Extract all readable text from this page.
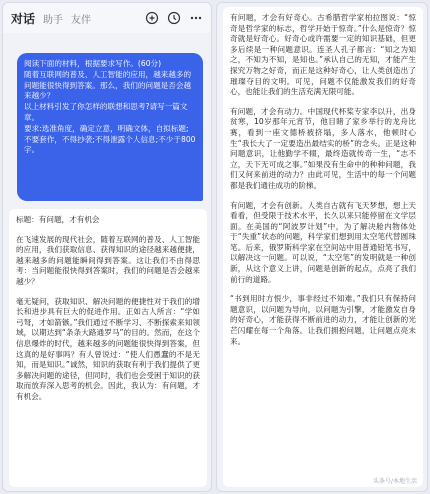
对话 助手 友伴

阅读下面的材料，根据要求写作。(60分)
随着互联网的普及、人工智能的应用，越来越多的问题能很快得到答案。那么，我们的问题是否会越来越少？
以上材料引发了你怎样的联想和思考?请写一篇文章。
要求:选准角度，确定立意，明确文体，自拟标题;不要套作，不得抄袭;不得泄露个人信息;不少于800字。

标题：有问题，才有机会

在飞速发展的现代社会，随着互联网的普及、人工智能的应用，我们获取信息、获得知识的途径越来越便捷，越来越多的问题能瞬间得到答案。这让我们不由得思考：当问题能很快得到答案时，我们的问题是否会越来越少？

毫无疑问，获取知识、解决问题的便捷性对于我们的增长和进步具有巨大的促进作用。正如古人所言：“学如弓弩，才如箭镞。”我们通过不断学习、不断探索来知领域，以期达到“条条大路通罗马”的目的。然而，在这个信息爆炸的时代，越来越多的问题能很快得到答案，但这真的是好事吗？有人曾说过：“使人们愚蠢的不是无知，而是知识。”诚然，知识的获取有利于我们提供了更多解决问题的途径，但同时，我们也会受困于知识的获取而放弃深入思考的机会。因此，我认为：有问题，才有机会。

有问题，才会有好奇心。古希腊哲学家柏拉图说：“惊奇是哲学家的标志，哲学开始于惊奇。”什么是惊奇？惊奇就是好奇心。好奇心或许需要一定的知识基础，但更多后续是一种问题意识。连圣人孔子都言：“知之为知之，不知为不知，是知也。”承认自己的无知，才能产生探究万物之好奇，而正是这种好奇心，让人类创造出了璀璨夺目的文明。可见，问题不仅能激发我们的好奇心，也能让我们的生活充满无限可能。

有问题，才会有动力。中国现代杯桨专家李以升，出身贫寒，10岁那年元宵节，他目睹了家乡举行的龙舟比赛，看到一座文德桥被挤塌，多人落水，他顿时心生“我长大了一定要造出最结实的桥”的念头。正是这种问题意识，让他勤学不辍，最终造就传奇一生，“志不立，天下无可成之事。”如果没有生命中的种种问题，我们又何来前进的动力？由此可见，生活中的每一个问题都是我们通往成功的阶梯。

有问题，才会有创新。人类自古就有飞天梦想，想上天看看，但受限于技术水平，长久以来只能停留在文学层面。在美国的“阿波罗计划”中，为了解决舱内物体处于“失重”状态的问题，科学家们想到用太空笔代替圆珠笔。后来，俄罗斯科学家在空间站中用普通铅笔书写，以解决这一问题。可以说，“太空笔”的发明就是一种创新，从这个意义上讲，问题是创新的起点，点亮了我们前行的道路。

“书到用时方恨少，事非经过不知难。”我们只有保持问题意识，以问题为导向，以问题为引擎，才能激发自身的好奇心，才能获得不断前进的动力，才能让创新的光芒闪耀在每一个角落。让我们拥抱问题，让问题点亮未来。

头条号/本地生活
